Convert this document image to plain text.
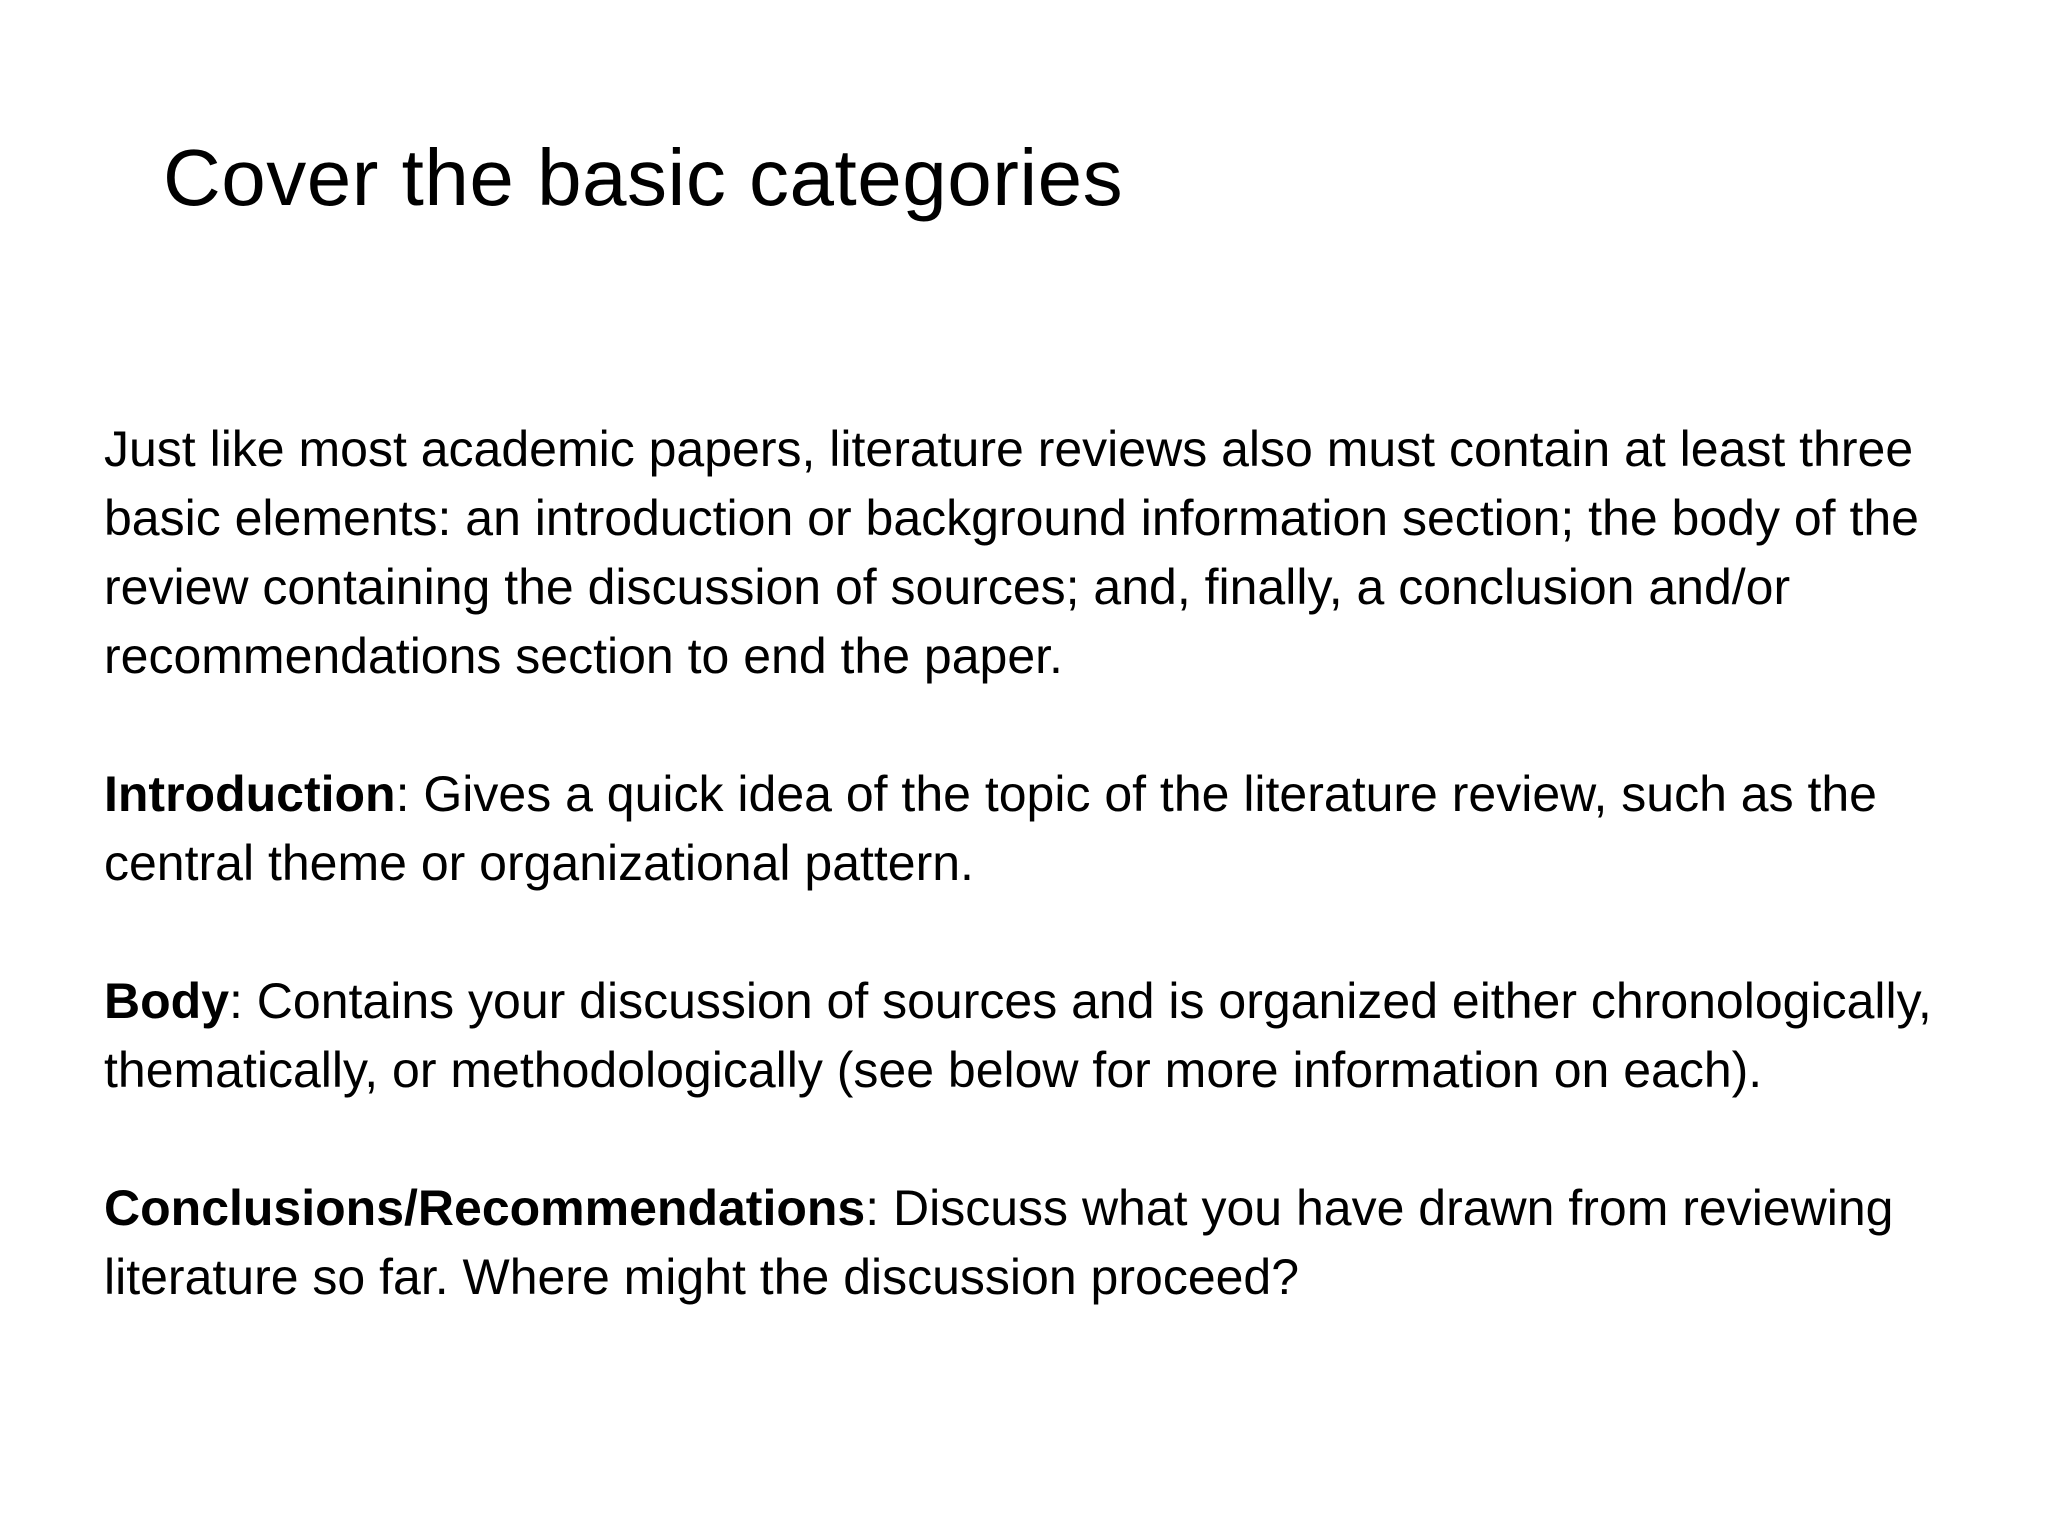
Cover the basic categories

Just like most academic papers, literature reviews also must contain at least three basic elements: an introduction or background information section; the body of the review containing the discussion of sources; and, finally, a conclusion and/or recommendations section to end the paper.

Introduction: Gives a quick idea of the topic of the literature review, such as the central theme or organizational pattern.

Body: Contains your discussion of sources and is organized either chronologically, thematically, or methodologically (see below for more information on each).

Conclusions/Recommendations: Discuss what you have drawn from reviewing literature so far. Where might the discussion proceed?
